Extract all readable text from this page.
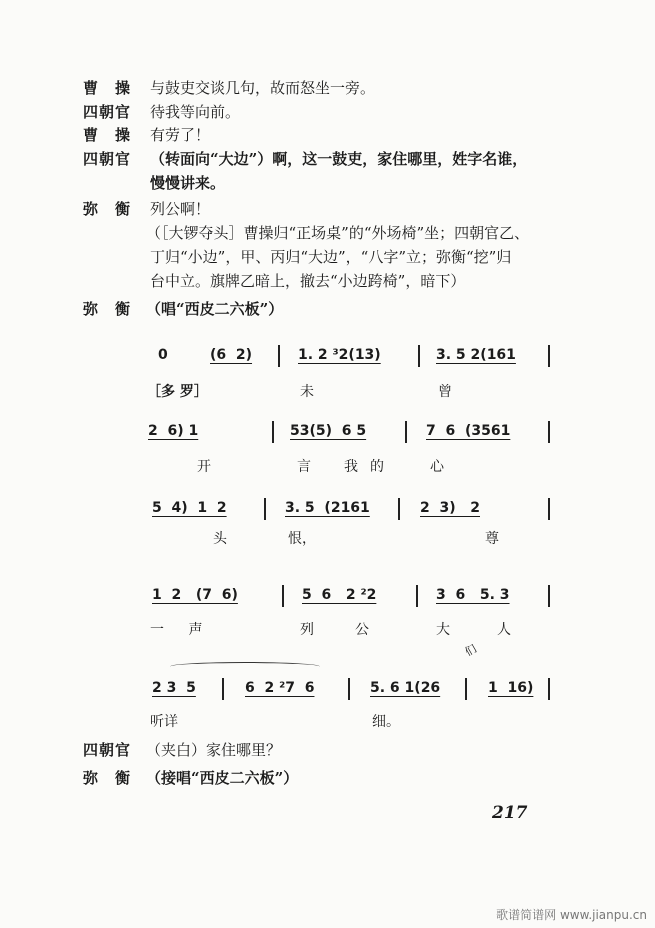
曹　操 与鼓吏交谈几句，故而怒坐一旁。
四朝官 待我等向前。
曹　操 有劳了！
四朝官 （转面向“大边”）啊，这一鼓吏，家住哪里，姓字名谁，
慢慢讲来。
弥　衡 列公啊！
（［大锣夺头］曹操归“正场桌”的“外场椅”坐；四朝官乙、
丁归“小边”，甲、丙归“大边”，“八字”立；弥衡“挖”归
台中立。旗牌乙暗上，撤去“小边跨椅”，暗下）
弥　衡 （唱“西皮二六板”）
0	(6  2)	1. 2 ³2(13)	3. 5 2(161
［多 罗］	未	曾
2  6) 1	53(5)  6 5	7  6  (3561
开	言 我的 心
5  4)  1  2	3. 5  (2161	2  3)   2
头	恨，	尊
1  2   (7  6)	5  6   2 ²2	3  6   5. 3
一 声	列	公	大	人
们
2 3  5	6  2 ²7  6	5. 6 1(26	1  16)
听详	细。
四朝官 （夹白）家住哪里？
弥　衡 （接唱“西皮二六板”）
217
歌谱简谱网 www.jianpu.cn
